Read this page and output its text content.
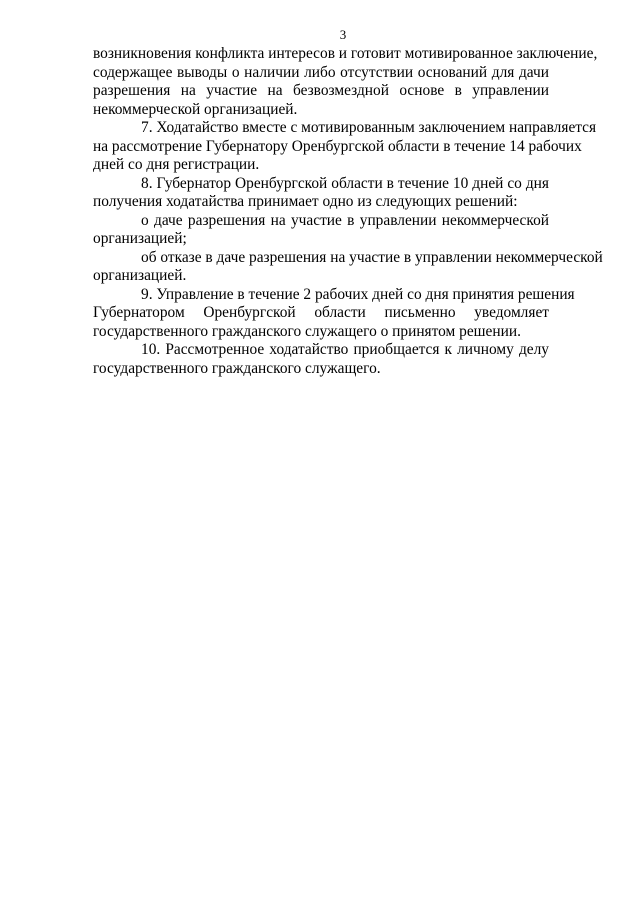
3
возникновения конфликта интересов и готовит мотивированное заключение,
содержащее выводы о наличии либо отсутствии оснований для дачи
разрешения на участие на безвозмездной основе в управлении
некоммерческой организацией.
7. Ходатайство вместе с мотивированным заключением направляется
на рассмотрение Губернатору Оренбургской области в течение 14 рабочих
дней со дня регистрации.
8. Губернатор Оренбургской области в течение 10 дней со дня
получения ходатайства принимает одно из следующих решений:
о даче разрешения на участие в управлении некоммерческой
организацией;
об отказе в даче разрешения на участие в управлении некоммерческой
организацией.
9. Управление в течение 2 рабочих дней со дня принятия решения
Губернатором Оренбургской области письменно уведомляет
государственного гражданского служащего о принятом решении.
10. Рассмотренное ходатайство приобщается к личному делу
государственного гражданского служащего.
